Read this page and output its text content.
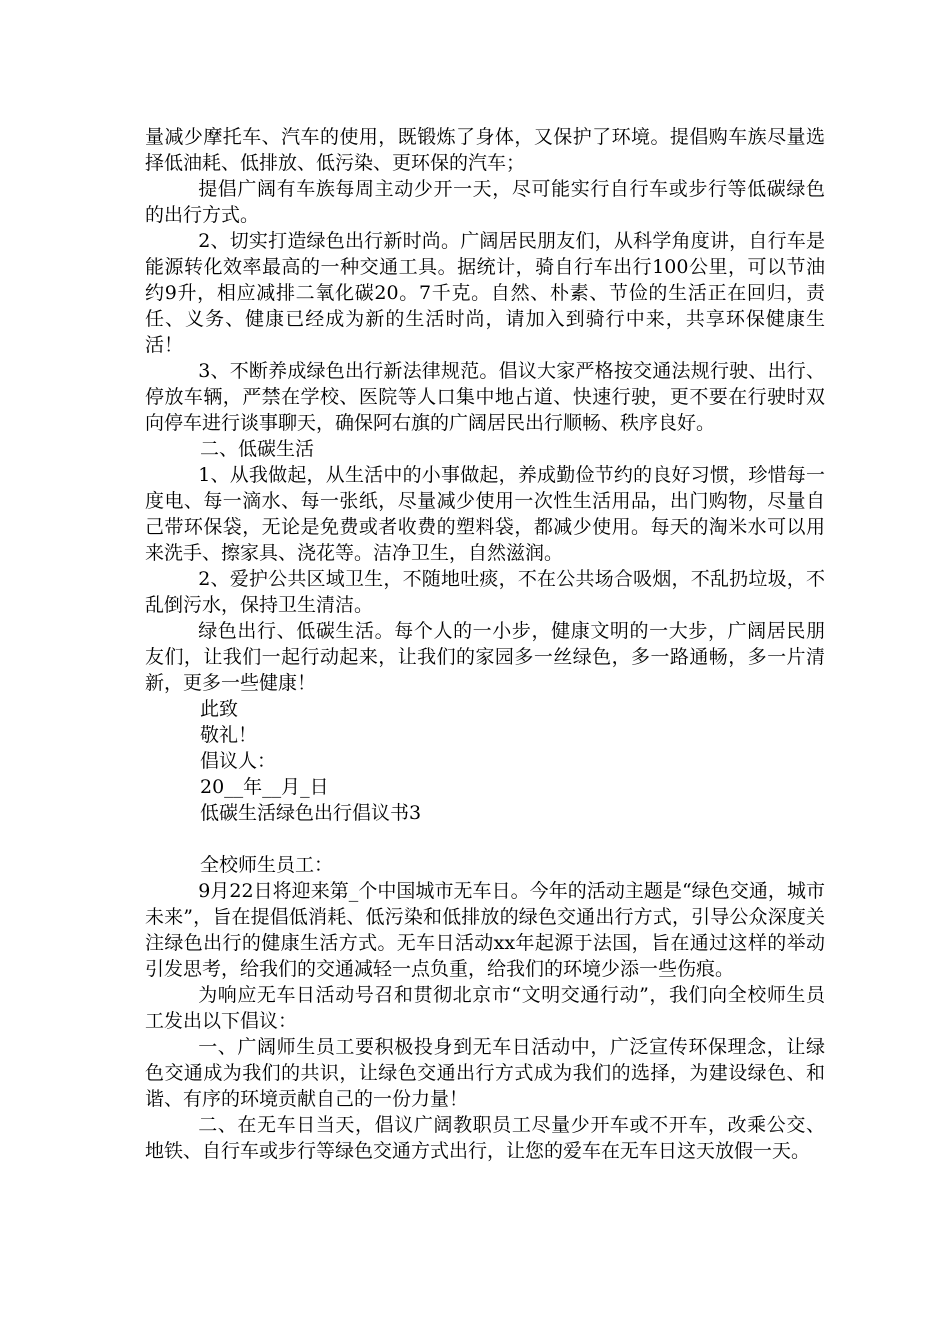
量减少摩托车、汽车的使用，既锻炼了身体，又保护了环境。提倡购车族尽量选择低油耗、低排放、低污染、更环保的汽车；

提倡广阔有车族每周主动少开一天，尽可能实行自行车或步行等低碳绿色的出行方式。

2、切实打造绿色出行新时尚。广阔居民朋友们，从科学角度讲，自行车是能源转化效率最高的一种交通工具。据统计，骑自行车出行100公里，可以节油约9升，相应减排二氧化碳20。7千克。自然、朴素、节俭的生活正在回归，责任、义务、健康已经成为新的生活时尚，请加入到骑行中来，共享环保健康生活！

3、不断养成绿色出行新法律规范。倡议大家严格按交通法规行驶、出行、停放车辆，严禁在学校、医院等人口集中地占道、快速行驶，更不要在行驶时双向停车进行谈事聊天，确保阿右旗的广阔居民出行顺畅、秩序良好。

二、低碳生活

1、从我做起，从生活中的小事做起，养成勤俭节约的良好习惯，珍惜每一度电、每一滴水、每一张纸，尽量减少使用一次性生活用品，出门购物，尽量自己带环保袋，无论是免费或者收费的塑料袋，都减少使用。每天的淘米水可以用来洗手、擦家具、浇花等。洁净卫生，自然滋润。

2、爱护公共区域卫生，不随地吐痰，不在公共场合吸烟，不乱扔垃圾，不乱倒污水，保持卫生清洁。

绿色出行、低碳生活。每个人的一小步，健康文明的一大步，广阔居民朋友们，让我们一起行动起来，让我们的家园多一丝绿色，多一路通畅，多一片清新，更多一些健康！

此致

敬礼！

倡议人：

20__年__月_日

低碳生活绿色出行倡议书3

全校师生员工：

9月22日将迎来第_个中国城市无车日。今年的活动主题是“绿色交通，城市未来”，旨在提倡低消耗、低污染和低排放的绿色交通出行方式，引导公众深度关注绿色出行的健康生活方式。无车日活动xx年起源于法国，旨在通过这样的举动引发思考，给我们的交通减轻一点负重，给我们的环境少添一些伤痕。

为响应无车日活动号召和贯彻北京市“文明交通行动”，我们向全校师生员工发出以下倡议：

一、广阔师生员工要积极投身到无车日活动中，广泛宣传环保理念，让绿色交通成为我们的共识，让绿色交通出行方式成为我们的选择，为建设绿色、和谐、有序的环境贡献自己的一份力量！

二、在无车日当天，倡议广阔教职员工尽量少开车或不开车，改乘公交、地铁、自行车或步行等绿色交通方式出行，让您的爱车在无车日这天放假一天。
